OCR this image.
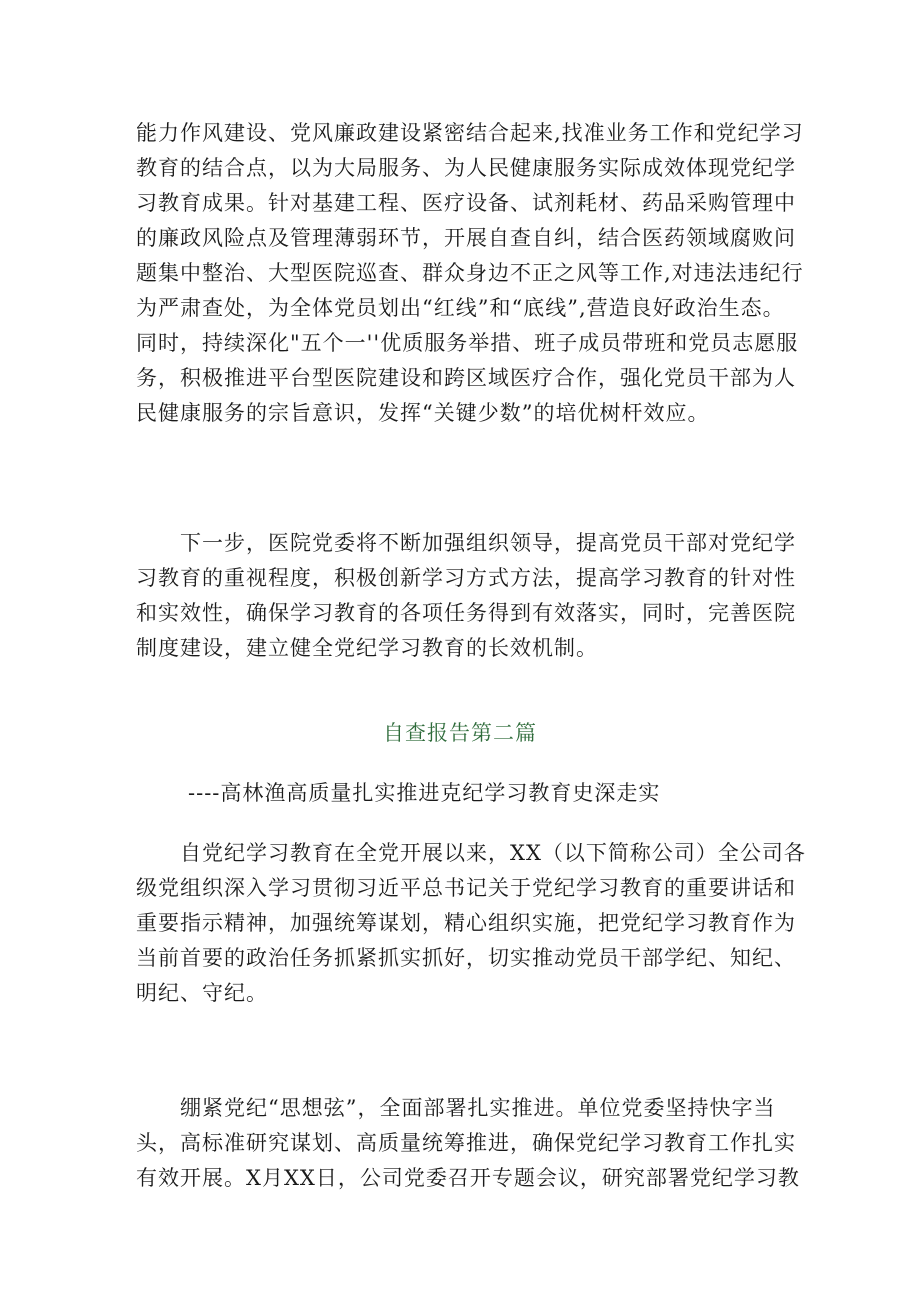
能力作风建设、党风廉政建设紧密结合起来,找准业务工作和党纪学习
教育的结合点，以为大局服务、为人民健康服务实际成效体现党纪学
习教育成果。针对基建工程、医疗设备、试剂耗材、药品采购管理中
的廉政风险点及管理薄弱环节，开展自查自纠，结合医药领域腐败问
题集中整治、大型医院巡查、群众身边不正之风等工作,对违法违纪行
为严肃查处，为全体党员划出“红线”和“底线”,营造良好政治生态。
同时，持续深化"五个一''优质服务举措、班子成员带班和党员志愿服
务，积极推进平台型医院建设和跨区域医疗合作，强化党员干部为人
民健康服务的宗旨意识，发挥“关键少数”的培优树杆效应。
　　下一步，医院党委将不断加强组织领导，提高党员干部对党纪学
习教育的重视程度，积极创新学习方式方法，提高学习教育的针对性
和实效性，确保学习教育的各项任务得到有效落实，同时，完善医院
制度建设，建立健全党纪学习教育的长效机制。
自查报告第二篇
----高林渔高质量扎实推进克纪学习教育史深走实
　　自党纪学习教育在全党开展以来，XX（以下简称公司）全公司各
级党组织深入学习贯彻习近平总书记关于党纪学习教育的重要讲话和
重要指示精神，加强统筹谋划，精心组织实施，把党纪学习教育作为
当前首要的政治任务抓紧抓实抓好，切实推动党员干部学纪、知纪、
明纪、守纪。
　　绷紧党纪“思想弦”，全面部署扎实推进。单位党委坚持快字当
头，高标准研究谋划、高质量统筹推进，确保党纪学习教育工作扎实
有效开展。X月XX日，公司党委召开专题会议，研究部署党纪学习教
